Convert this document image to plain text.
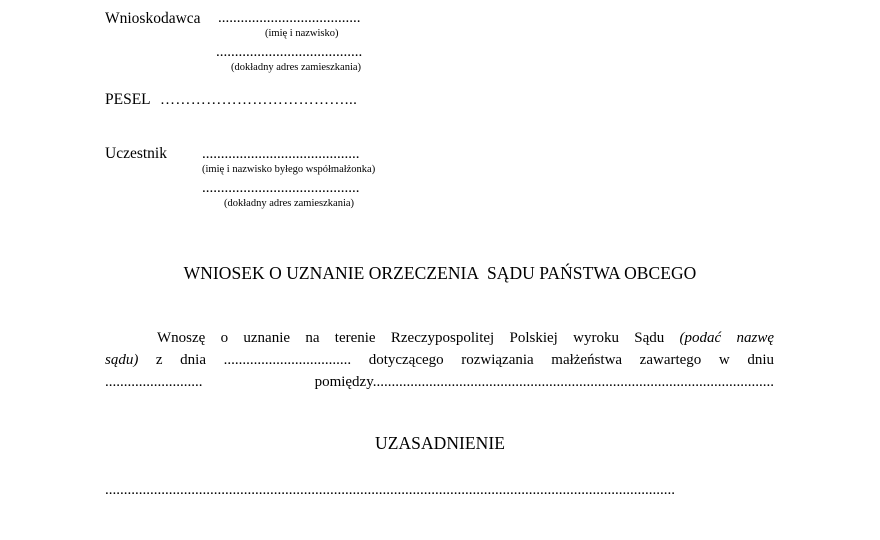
Wnioskodawca ......................................
(imię i nazwisko)
.......................................
(dokładny adres zamieszkania)
PESEL ………………………………...
Uczestnik ..........................................
(imię i nazwisko byłego współmałżonka)
..........................................
(dokładny adres zamieszkania)
WNIOSEK O UZNANIE ORZECZENIA  SĄDU PAŃSTWA OBCEGO
Wnoszę o uznanie na terenie Rzeczypospolitej Polskiej wyroku Sądu (podać nazwę
sądu) z dnia .................................. dotyczącego rozwiązania małżeństwa zawartego w dniu
.......................... pomiędzy...........................................................................................................
UZASADNIENIE
........................................................................................................................................................
